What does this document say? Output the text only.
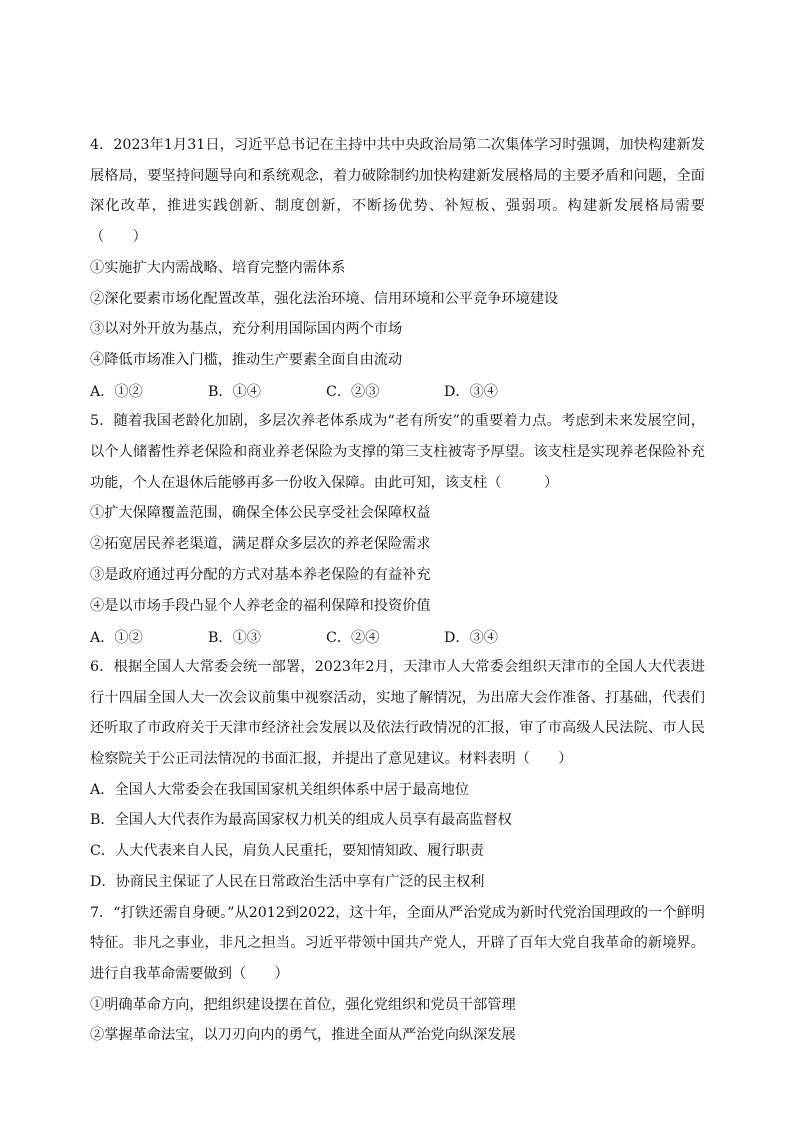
4．2023年1月31日，习近平总书记在主持中共中央政治局第二次集体学习时强调，加快构建新发展格局，要坚持问题导向和系统观念，着力破除制约加快构建新发展格局的主要矛盾和问题，全面深化改革，推进实践创新、制度创新，不断扬优势、补短板、强弱项。构建新发展格局需要（　　）

①实施扩大内需战略、培育完整内需体系

②深化要素市场化配置改革，强化法治环境、信用环境和公平竞争环境建设

③以对外开放为基点，充分利用国际国内两个市场

④降低市场准入门槛，推动生产要素全面自由流动

A．①②	B．①④	C．②③	D．③④

5．随着我国老龄化加剧，多层次养老体系成为“老有所安”的重要着力点。考虑到未来发展空间，以个人储蓄性养老保险和商业养老保险为支撑的第三支柱被寄予厚望。该支柱是实现养老保险补充功能，个人在退休后能够再多一份收入保障。由此可知，该支柱（　　　）

①扩大保障覆盖范围，确保全体公民享受社会保障权益

②拓宽居民养老渠道，满足群众多层次的养老保险需求

③是政府通过再分配的方式对基本养老保险的有益补充

④是以市场手段凸显个人养老金的福利保障和投资价值

A．①②	B．①③	C．②④	D．③④

6．根据全国人大常委会统一部署，2023年2月，天津市人大常委会组织天津市的全国人大代表进行十四届全国人大一次会议前集中视察活动，实地了解情况，为出席大会作准备、打基础，代表们还听取了市政府关于天津市经济社会发展以及依法行政情况的汇报，审了市高级人民法院、市人民检察院关于公正司法情况的书面汇报，并提出了意见建议。材料表明（　　）

A．全国人大常委会在我国国家机关组织体系中居于最高地位

B．全国人大代表作为最高国家权力机关的组成人员享有最高监督权

C．人大代表来自人民，肩负人民重托，要知情知政、履行职责

D．协商民主保证了人民在日常政治生活中享有广泛的民主权利

7．“打铁还需自身硬。”从2012到2022，这十年，全面从严治党成为新时代党治国理政的一个鲜明特征。非凡之事业，非凡之担当。习近平带领中国共产党人，开辟了百年大党自我革命的新境界。进行自我革命需要做到（　　）

①明确革命方向，把组织建设摆在首位，强化党组织和党员干部管理

②掌握革命法宝，以刀刃向内的勇气，推进全面从严治党向纵深发展
